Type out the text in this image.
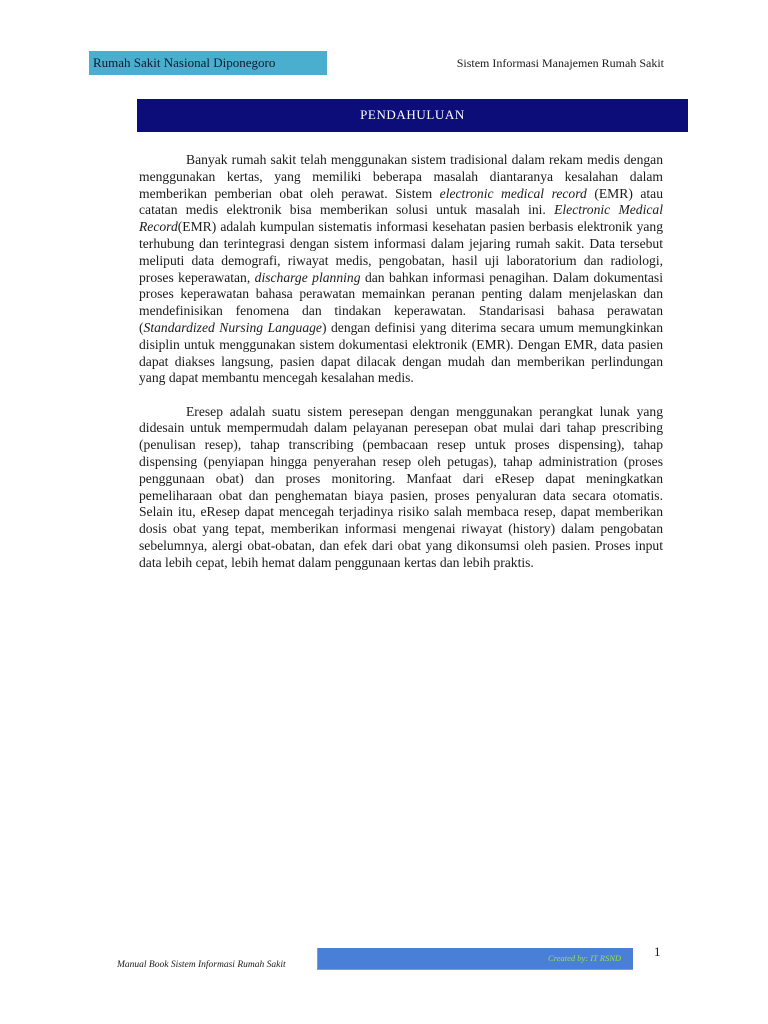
Rumah Sakit Nasional Diponegoro	Sistem Informasi Manajemen Rumah Sakit
PENDAHULUAN

Banyak rumah sakit telah menggunakan sistem tradisional dalam rekam medis dengan menggunakan kertas, yang memiliki beberapa masalah diantaranya kesalahan dalam memberikan pemberian obat oleh perawat. Sistem electronic medical record (EMR) atau catatan medis elektronik bisa memberikan solusi untuk masalah ini. Electronic Medical Record(EMR) adalah kumpulan sistematis informasi kesehatan pasien berbasis elektronik yang terhubung dan terintegrasi dengan sistem informasi dalam jejaring rumah sakit. Data tersebut meliputi data demografi, riwayat medis, pengobatan, hasil uji laboratorium dan radiologi, proses keperawatan, discharge planning dan bahkan informasi penagihan. Dalam dokumentasi proses keperawatan bahasa perawatan memainkan peranan penting dalam menjelaskan dan mendefinisikan fenomena dan tindakan keperawatan. Standarisasi bahasa perawatan (Standardized Nursing Language) dengan definisi yang diterima secara umum memungkinkan disiplin untuk menggunakan sistem dokumentasi elektronik (EMR). Dengan EMR, data pasien dapat diakses langsung, pasien dapat dilacak dengan mudah dan memberikan perlindungan yang dapat membantu mencegah kesalahan medis.

Eresep adalah suatu sistem peresepan dengan menggunakan perangkat lunak yang didesain untuk mempermudah dalam pelayanan peresepan obat mulai dari tahap prescribing (penulisan resep), tahap transcribing (pembacaan resep untuk proses dispensing), tahap dispensing (penyiapan hingga penyerahan resep oleh petugas), tahap administration (proses penggunaan obat) dan proses monitoring. Manfaat dari eResep dapat meningkatkan pemeliharaan obat dan penghematan biaya pasien, proses penyaluran data secara otomatis. Selain itu, eResep dapat mencegah terjadinya risiko salah membaca resep, dapat memberikan dosis obat yang tepat, memberikan informasi mengenai riwayat (history) dalam pengobatan sebelumnya, alergi obat-obatan, dan efek dari obat yang dikonsumsi oleh pasien. Proses input data lebih cepat, lebih hemat dalam penggunaan kertas dan lebih praktis.

1
Manual Book Sistem Informasi Rumah Sakit
Created by: IT RSND
